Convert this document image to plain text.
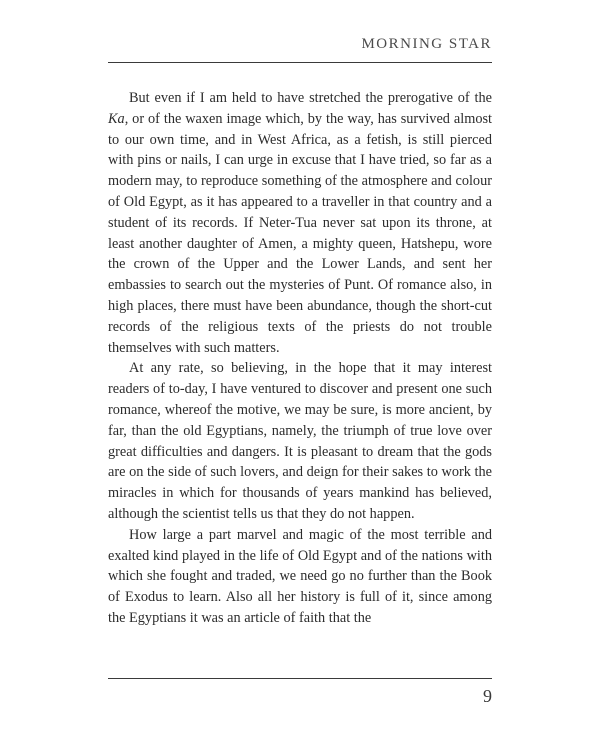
MORNING STAR

But even if I am held to have stretched the prerogative of the Ka, or of the waxen image which, by the way, has survived almost to our own time, and in West Africa, as a fetish, is still pierced with pins or nails, I can urge in excuse that I have tried, so far as a modern may, to reproduce something of the atmosphere and colour of Old Egypt, as it has appeared to a traveller in that country and a student of its records. If Neter-Tua never sat upon its throne, at least another daughter of Amen, a mighty queen, Hatshepu, wore the crown of the Upper and the Lower Lands, and sent her embassies to search out the mysteries of Punt. Of romance also, in high places, there must have been abundance, though the short-cut records of the religious texts of the priests do not trouble themselves with such matters.

At any rate, so believing, in the hope that it may interest readers of to-day, I have ventured to discover and present one such romance, whereof the motive, we may be sure, is more ancient, by far, than the old Egyptians, namely, the triumph of true love over great difficulties and dangers. It is pleasant to dream that the gods are on the side of such lovers, and deign for their sakes to work the miracles in which for thousands of years mankind has believed, although the scientist tells us that they do not happen.

How large a part marvel and magic of the most terrible and exalted kind played in the life of Old Egypt and of the nations with which she fought and traded, we need go no further than the Book of Exodus to learn. Also all her history is full of it, since among the Egyptians it was an article of faith that the

9
